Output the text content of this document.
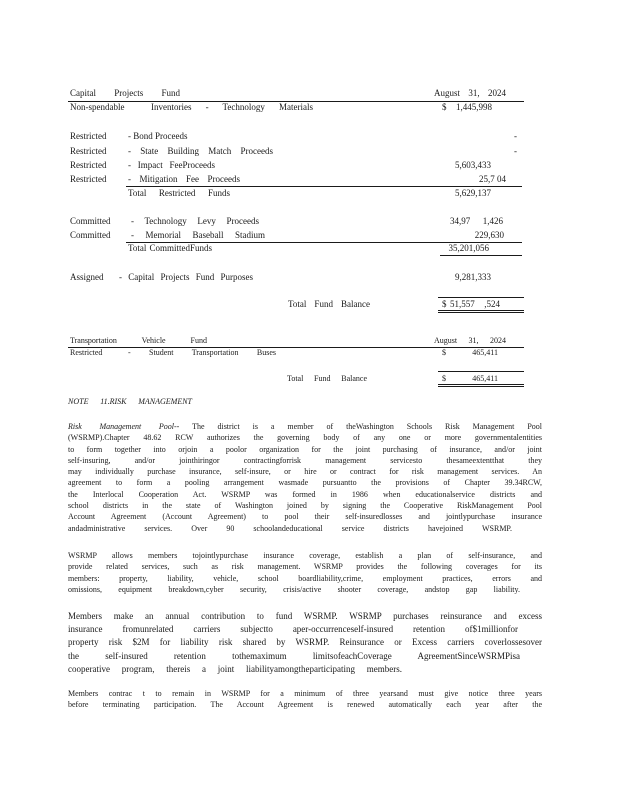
Capital Projects Fund	August 31, 2024
Non-spendable	Inventories - Technology Materials	$	1,445,998
Restricted - Bond Proceeds	-
Restricted - State Building Match Proceeds	-
Restricted - Impact FeeProceeds	5,603,433
Restricted - Mitigation Fee Proceeds	25,7 04
Total Restricted Funds	5,629,137
Committed - Technology Levy Proceeds	34,97 1,426
Committed - Memorial Baseball Stadium	229,630
Total CommittedFunds	35,201,056
Assigned - Capital Projects Fund Purposes	9,281,333
Total Fund Balance	$ 51,557 ,524
Transportation Vehicle Fund	August 31, 2024
Restricted	- Student Transportation Buses	$	465,411
Total Fund Balance	$	465,411
NOTE 11.RISK MANAGEMENT
Risk Management Pool-- The district is a member of theWashington Schools Risk Management Pool
(WSRMP).Chapter 48.62 RCW authorizes the governing body of any one or more governmentalentities
to form together into orjoin a poolor organization for the joint purchasing of insurance, and/or joint
self-insuring, and/or jointhiringor contractingforrisk management servicesto thesameextentthat they
may individually purchase insurance, self-insure, or hire or contract for risk management services. An
agreement to form a pooling arrangement wasmade pursuantto the provisions of Chapter 39.34RCW,
the Interlocal Cooperation Act. WSRMP was formed in 1986 when educationalservice districts and
school districts in the state of Washington joined by signing the Cooperative RiskManagement Pool
Account Agreement (Account Agreement) to pool their self-insuredlosses and jointlypurchase insurance
andadministrative services. Over 90 schoolandeducational service districts havejoined WSRMP.
WSRMP allows members tojointlypurchase insurance coverage, establish a plan of self-insurance, and
provide related services, such as risk management. WSRMP provides the following coverages for its
members: property, liability, vehicle, school boardliability,crime, employment practices, errors and
omissions, equipment breakdown,cyber security, crisis/active shooter coverage, andstop gap liability.
Members make an annual contribution to fund WSRMP. WSRMP purchases reinsurance and excess
insurance fromunrelated carriers subjectto aper-occurrenceself-insured retention of$1millionfor
property risk $2M for liability risk shared by WSRMP. Reinsurance or Excess carriers coverlossesover
the self-insured retention tothemaximum limitsofeachCoverage AgreementSinceWSRMPisa
cooperative program, thereis a joint liabilityamongtheparticipating members.
Members contrac t to remain in WSRMP for a minimum of three yearsand must give notice three years
before terminating participation. The Account Agreement is renewed automatically each year after the
